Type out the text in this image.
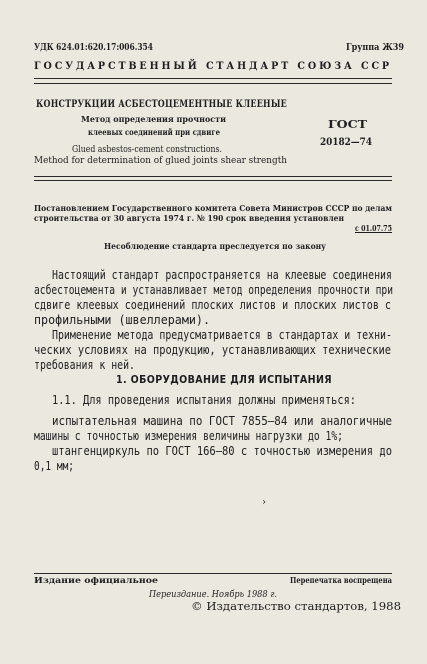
УДК 624.01:620.17:006.354	Группа Ж39
ГОСУДАРСТВЕННЫЙ СТАНДАРТ СОЮЗА ССР
КОНСТРУКЦИИ АСБЕСТОЦЕМЕНТНЫЕ КЛЕЕНЫЕ
Метод определения прочности
клеевых соединений при сдвиге
ГОСТ
20182—74
Glued asbestos-cement constructions.
Method for determination of glued joints shear strength
Постановлением Государственного комитета Совета Министров СССР по делам
строительства от 30 августа 1974 г. № 190 срок введения установлен
с 01.07.75
Несоблюдение стандарта преследуется по закону
Настоящий стандарт распространяется на клеевые соединения
асбестоцемента и устанавливает метод определения прочности при
сдвиге клеевых соединений плоских листов и плоских листов с
профильными (швеллерами).
Применение метода предусматривается в стандартах и техни-
ческих условиях на продукцию, устанавливающих технические
требования к ней.
1. ОБОРУДОВАНИЕ ДЛЯ ИСПЫТАНИЯ
1.1. Для проведения испытания должны применяться:
испытательная машина по ГОСТ 7855—84 или аналогичные
машины с точностью измерения величины нагрузки до 1%;
штангенциркуль по ГОСТ 166—80 с точностью измерения до
0,1 мм;
›
Издание официальное	Перепечатка воспрещена
Переиздание. Ноябрь 1988 г.
© Издательство стандартов, 1988
